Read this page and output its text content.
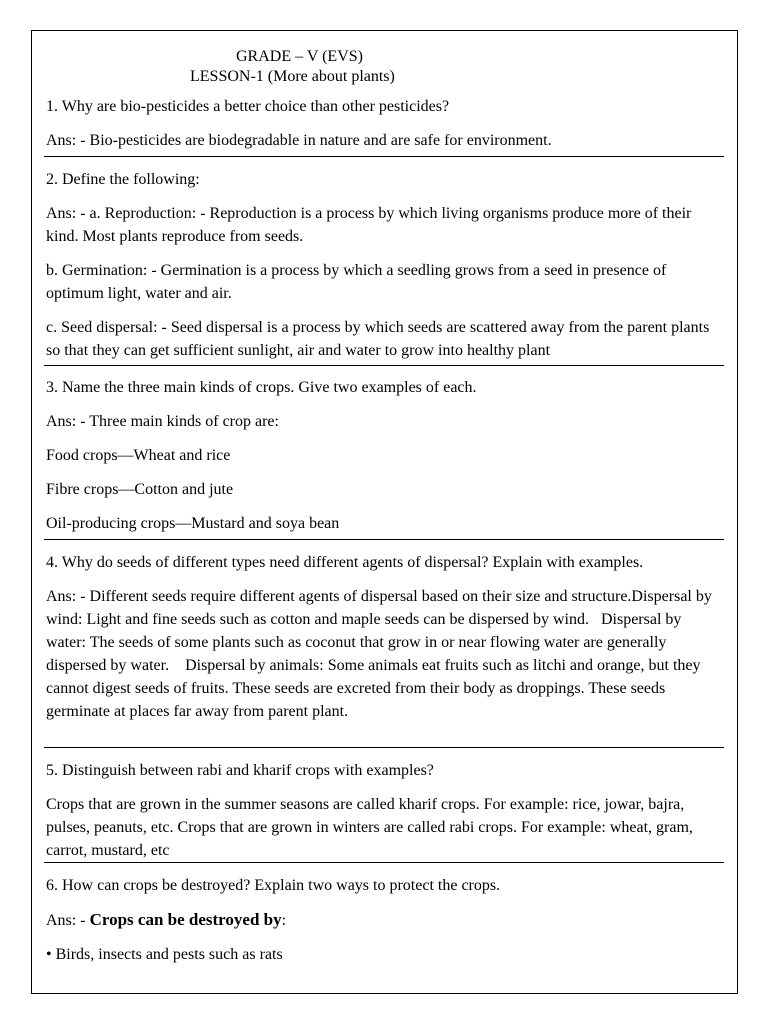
GRADE – V (EVS)
LESSON-1 (More about plants)

1. Why are bio-pesticides a better choice than other pesticides?

Ans: - Bio-pesticides are biodegradable in nature and are safe for environment.

2. Define the following:

Ans: - a. Reproduction: - Reproduction is a process by which living organisms produce more of their kind. Most plants reproduce from seeds.

b. Germination: - Germination is a process by which a seedling grows from a seed in presence of optimum light, water and air.

c. Seed dispersal: - Seed dispersal is a process by which seeds are scattered away from the parent plants so that they can get sufficient sunlight, air and water to grow into healthy plant

3. Name the three main kinds of crops. Give two examples of each.

Ans: - Three main kinds of crop are:

Food crops—Wheat and rice

Fibre crops—Cotton and jute

Oil-producing crops—Mustard and soya bean

4. Why do seeds of different types need different agents of dispersal? Explain with examples.

Ans: - Different seeds require different agents of dispersal based on their size and structure.Dispersal by wind: Light and fine seeds such as cotton and maple seeds can be dispersed by wind.   Dispersal by water: The seeds of some plants such as coconut that grow in or near flowing water are generally dispersed by water.    Dispersal by animals: Some animals eat fruits such as litchi and orange, but they cannot digest seeds of fruits. These seeds are excreted from their body as droppings. These seeds germinate at places far away from parent plant.

5. Distinguish between rabi and kharif crops with examples?

Crops that are grown in the summer seasons are called kharif crops. For example: rice, jowar, bajra, pulses, peanuts, etc. Crops that are grown in winters are called rabi crops. For example: wheat, gram, carrot, mustard, etc

6. How can crops be destroyed? Explain two ways to protect the crops.

Ans: - Crops can be destroyed by:

• Birds, insects and pests such as rats
